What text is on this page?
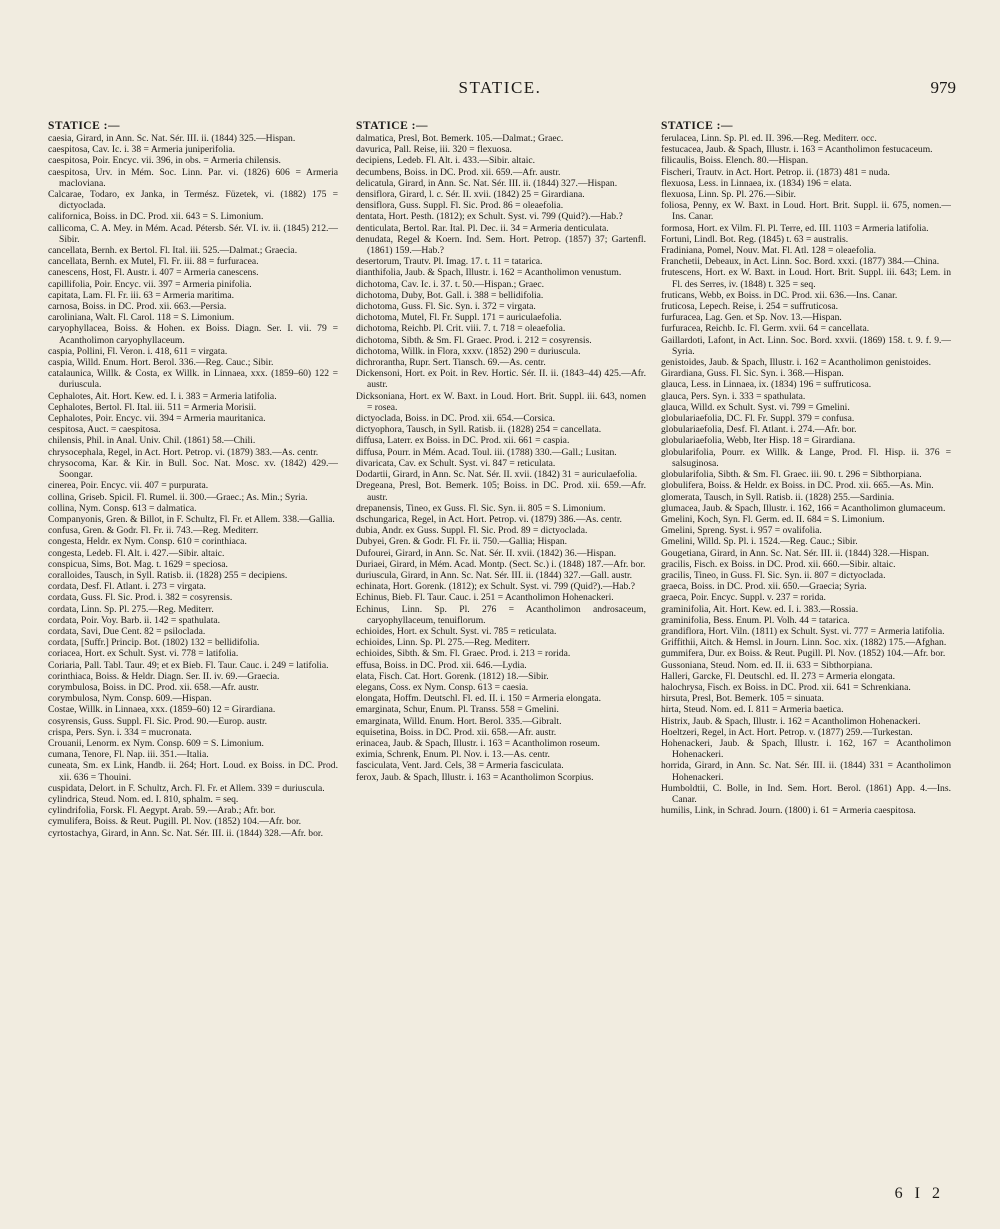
STATICE.	979
STATICE :—

caesia, Girard, in Ann. Sc. Nat. Sér. III. ii. (1844) 325.—Hispan.

caespitosa, Cav. Ic. i. 38 = Armeria juniperifolia.

caespitosa, Poir. Encyc. vii. 396, in obs. = Armeria chilensis.

caespitosa, Urv. in Mém. Soc. Linn. Par. vi. (1826) 606 = Armeria macloviana.

Calcarae, Todaro, ex Janka, in Termész. Füzetek, vi. (1882) 175 = dictyoclada.

californica, Boiss. in DC. Prod. xii. 643 = S. Limonium.

callicoma, C. A. Mey. in Mém. Acad. Pétersb. Sér. VI. iv. ii. (1845) 212.—Sibir.

cancellata, Bernh. ex Bertol. Fl. Ital. iii. 525.—Dalmat.; Graecia.

cancellata, Bernh. ex Mutel, Fl. Fr. iii. 88 = furfuracea.

canescens, Host, Fl. Austr. i. 407 = Armeria canescens.

capillifolia, Poir. Encyc. vii. 397 = Armeria pinifolia.

capitata, Lam. Fl. Fr. iii. 63 = Armeria maritima.

carnosa, Boiss. in DC. Prod. xii. 663.—Persia.

caroliniana, Walt. Fl. Carol. 118 = S. Limonium.

caryophyllacea, Boiss. & Hohen. ex Boiss. Diagn. Ser. I. vii. 79 = Acantholimon caryophyllaceum.

caspia, Pollini, Fl. Veron. i. 418, 611 = virgata.

caspia, Willd. Enum. Hort. Berol. 336.—Reg. Cauc.; Sibir.

catalaunica, Willk. & Costa, ex Willk. in Linnaea, xxx. (1859–60) 122 = duriuscula.

Cephalotes, Ait. Hort. Kew. ed. I. i. 383 = Armeria latifolia.

Cephalotes, Bertol. Fl. Ital. iii. 511 = Armeria Morisii.

Cephalotes, Poir. Encyc. vii. 394 = Armeria mauritanica.

cespitosa, Auct. = caespitosa.

chilensis, Phil. in Anal. Univ. Chil. (1861) 58.—Chili.

chrysocephala, Regel, in Act. Hort. Petrop. vi. (1879) 383.—As. centr.

chrysocoma, Kar. & Kir. in Bull. Soc. Nat. Mosc. xv. (1842) 429.—Soongar.

cinerea, Poir. Encyc. vii. 407 = purpurata.

collina, Griseb. Spicil. Fl. Rumel. ii. 300.—Graec.; As. Min.; Syria.

collina, Nym. Consp. 613 = dalmatica.

Companyonis, Gren. & Billot, in F. Schultz, Fl. Fr. et Allem. 338.—Gallia.

confusa, Gren. & Godr. Fl. Fr. ii. 743.—Reg. Mediterr.

congesta, Heldr. ex Nym. Consp. 610 = corinthiaca.

congesta, Ledeb. Fl. Alt. i. 427.—Sibir. altaic.

conspicua, Sims, Bot. Mag. t. 1629 = speciosa.

coralloides, Tausch, in Syll. Ratisb. ii. (1828) 255 = decipiens.

cordata, Desf. Fl. Atlant. i. 273 = virgata.

cordata, Guss. Fl. Sic. Prod. i. 382 = cosyrensis.

cordata, Linn. Sp. Pl. 275.—Reg. Mediterr.

cordata, Poir. Voy. Barb. ii. 142 = spathulata.

cordata, Savi, Due Cent. 82 = psiloclada.

cordata, [Suffr.] Princip. Bot. (1802) 132 = bellidifolia.

coriacea, Hort. ex Schult. Syst. vi. 778 = latifolia.

Coriaria, Pall. Tabl. Taur. 49; et ex Bieb. Fl. Taur. Cauc. i. 249 = latifolia.

corinthiaca, Boiss. & Heldr. Diagn. Ser. II. iv. 69.—Graecia.

corymbulosa, Boiss. in DC. Prod. xii. 658.—Afr. austr.

corymbulosa, Nym. Consp. 609.—Hispan.

Costae, Willk. in Linnaea, xxx. (1859–60) 12 = Girardiana.

cosyrensis, Guss. Suppl. Fl. Sic. Prod. 90.—Europ. austr.

crispa, Pers. Syn. i. 334 = mucronata.

Crouanii, Lenorm. ex Nym. Consp. 609 = S. Limonium.

cumana, Tenore, Fl. Nap. iii. 351.—Italia.

cuneata, Sm. ex Link, Handb. ii. 264; Hort. Loud. ex Boiss. in DC. Prod. xii. 636 = Thouini.

cuspidata, Delort. in F. Schultz, Arch. Fl. Fr. et Allem. 339 = duriuscula.

cylindrica, Steud. Nom. ed. I. 810, sphalm. = seq.

cylindrifolia, Forsk. Fl. Aegypt. Arab. 59.—Arab.; Afr. bor.

cymulifera, Boiss. & Reut. Pugill. Pl. Nov. (1852) 104.—Afr. bor.

cyrtostachya, Girard, in Ann. Sc. Nat. Sér. III. ii. (1844) 328.—Afr. bor.

STATICE :—

dalmatica, Presl, Bot. Bemerk. 105.—Dalmat.; Graec.

davurica, Pall. Reise, iii. 320 = flexuosa.

decipiens, Ledeb. Fl. Alt. i. 433.—Sibir. altaic.

decumbens, Boiss. in DC. Prod. xii. 659.—Afr. austr.

delicatula, Girard, in Ann. Sc. Nat. Sér. III. ii. (1844) 327.—Hispan.

densiflora, Girard, l. c. Sér. II. xvii. (1842) 25 = Girardiana.

densiflora, Guss. Suppl. Fl. Sic. Prod. 86 = oleaefolia.

dentata, Hort. Pesth. (1812); ex Schult. Syst. vi. 799 (Quid?).—Hab.?

denticulata, Bertol. Rar. Ital. Pl. Dec. ii. 34 = Armeria denticulata.

denudata, Regel & Koern. Ind. Sem. Hort. Petrop. (1857) 37; Gartenfl. (1861) 159.—Hab.?

desertorum, Trautv. Pl. Imag. 17. t. 11 = tatarica.

dianthifolia, Jaub. & Spach, Illustr. i. 162 = Acantholimon venustum.

dichotoma, Cav. Ic. i. 37. t. 50.—Hispan.; Graec.

dichotoma, Duby, Bot. Gall. i. 388 = bellidifolia.

dichotoma, Guss. Fl. Sic. Syn. i. 372 = virgata.

dichotoma, Mutel, Fl. Fr. Suppl. 171 = auriculaefolia.

dichotoma, Reichb. Pl. Crit. viii. 7. t. 718 = oleaefolia.

dichotoma, Sibth. & Sm. Fl. Graec. Prod. i. 212 = cosyrensis.

dichotoma, Willk. in Flora, xxxv. (1852) 290 = duriuscula.

dichrorantha, Rupr. Sert. Tiansch. 69.—As. centr.

Dickensoni, Hort. ex Poit. in Rev. Hortic. Sér. II. ii. (1843–44) 425.—Afr. austr.

Dicksoniana, Hort. ex W. Baxt. in Loud. Hort. Brit. Suppl. iii. 643, nomen = rosea.

dictyoclada, Boiss. in DC. Prod. xii. 654.—Corsica.

dictyophora, Tausch, in Syll. Ratisb. ii. (1828) 254 = cancellata.

diffusa, Laterr. ex Boiss. in DC. Prod. xii. 661 = caspia.

diffusa, Pourr. in Mém. Acad. Toul. iii. (1788) 330.—Gall.; Lusitan.

divaricata, Cav. ex Schult. Syst. vi. 847 = reticulata.

Dodartii, Girard, in Ann. Sc. Nat. Sér. II. xvii. (1842) 31 = auriculaefolia.

Dregeana, Presl, Bot. Bemerk. 105; Boiss. in DC. Prod. xii. 659.—Afr. austr.

drepanensis, Tineo, ex Guss. Fl. Sic. Syn. ii. 805 = S. Limonium.

dschungarica, Regel, in Act. Hort. Petrop. vi. (1879) 386.—As. centr.

dubia, Andr. ex Guss. Suppl. Fl. Sic. Prod. 89 = dictyoclada.

Dubyei, Gren. & Godr. Fl. Fr. ii. 750.—Gallia; Hispan.

Dufourei, Girard, in Ann. Sc. Nat. Sér. II. xvii. (1842) 36.—Hispan.

Duriaei, Girard, in Mém. Acad. Montp. (Sect. Sc.) i. (1848) 187.—Afr. bor.

duriuscula, Girard, in Ann. Sc. Nat. Sér. III. ii. (1844) 327.—Gall. austr.

echinata, Hort. Gorenk. (1812); ex Schult. Syst. vi. 799 (Quid?).—Hab.?

Echinus, Bieb. Fl. Taur. Cauc. i. 251 = Acantholimon Hohenackeri.

Echinus, Linn. Sp. Pl. 276 = Acantholimon androsaceum, caryophyllaceum, tenuiflorum.

echioides, Hort. ex Schult. Syst. vi. 785 = reticulata.

echioides, Linn. Sp. Pl. 275.—Reg. Mediterr.

echioides, Sibth. & Sm. Fl. Graec. Prod. i. 213 = rorida.

effusa, Boiss. in DC. Prod. xii. 646.—Lydia.

elata, Fisch. Cat. Hort. Gorenk. (1812) 18.—Sibir.

elegans, Coss. ex Nym. Consp. 613 = caesia.

elongata, Hoffm. Deutschl. Fl. ed. II. i. 150 = Armeria elongata.

emarginata, Schur, Enum. Pl. Transs. 558 = Gmelini.

emarginata, Willd. Enum. Hort. Berol. 335.—Gibralt.

equisetina, Boiss. in DC. Prod. xii. 658.—Afr. austr.

erinacea, Jaub. & Spach, Illustr. i. 163 = Acantholimon roseum.

eximia, Schrenk, Enum. Pl. Nov. i. 13.—As. centr.

fasciculata, Vent. Jard. Cels, 38 = Armeria fasciculata.

ferox, Jaub. & Spach, Illustr. i. 163 = Acantholimon Scorpius.

STATICE :—

ferulacea, Linn. Sp. Pl. ed. II. 396.—Reg. Mediterr. occ.

festucacea, Jaub. & Spach, Illustr. i. 163 = Acantholimon festucaceum.

filicaulis, Boiss. Elench. 80.—Hispan.

Fischeri, Trautv. in Act. Hort. Petrop. ii. (1873) 481 = nuda.

flexuosa, Less. in Linnaea, ix. (1834) 196 = elata.

flexuosa, Linn. Sp. Pl. 276.—Sibir.

foliosa, Penny, ex W. Baxt. in Loud. Hort. Brit. Suppl. ii. 675, nomen.—Ins. Canar.

formosa, Hort. ex Vilm. Fl. Pl. Terre, ed. III. 1103 = Armeria latifolia.

Fortuni, Lindl. Bot. Reg. (1845) t. 63 = australis.

Fradiniana, Pomel, Nouv. Mat. Fl. Atl. 128 = oleaefolia.

Franchetii, Debeaux, in Act. Linn. Soc. Bord. xxxi. (1877) 384.—China.

frutescens, Hort. ex W. Baxt. in Loud. Hort. Brit. Suppl. iii. 643; Lem. in Fl. des Serres, iv. (1848) t. 325 = seq.

fruticans, Webb, ex Boiss. in DC. Prod. xii. 636.—Ins. Canar.

fruticosa, Lepech. Reise, i. 254 = suffruticosa.

furfuracea, Lag. Gen. et Sp. Nov. 13.—Hispan.

furfuracea, Reichb. Ic. Fl. Germ. xvii. 64 = cancellata.

Gaillardoti, Lafont, in Act. Linn. Soc. Bord. xxvii. (1869) 158. t. 9. f. 9.—Syria.

genistoides, Jaub. & Spach, Illustr. i. 162 = Acantholimon genistoides.

Girardiana, Guss. Fl. Sic. Syn. i. 368.—Hispan.

glauca, Less. in Linnaea, ix. (1834) 196 = suffruticosa.

glauca, Pers. Syn. i. 333 = spathulata.

glauca, Willd. ex Schult. Syst. vi. 799 = Gmelini.

globulariaefolia, DC. Fl. Fr. Suppl. 379 = confusa.

globulariaefolia, Desf. Fl. Atlant. i. 274.—Afr. bor.

globulariaefolia, Webb, Iter Hisp. 18 = Girardiana.

globularifolia, Pourr. ex Willk. & Lange, Prod. Fl. Hisp. ii. 376 = salsuginosa.

globularifolia, Sibth. & Sm. Fl. Graec. iii. 90. t. 296 = Sibthorpiana.

globulifera, Boiss. & Heldr. ex Boiss. in DC. Prod. xii. 665.—As. Min.

glomerata, Tausch, in Syll. Ratisb. ii. (1828) 255.—Sardinia.

glumacea, Jaub. & Spach, Illustr. i. 162, 166 = Acantholimon glumaceum.

Gmelini, Koch, Syn. Fl. Germ. ed. II. 684 = S. Limonium.

Gmelini, Spreng. Syst. i. 957 = ovalifolia.

Gmelini, Willd. Sp. Pl. i. 1524.—Reg. Cauc.; Sibir.

Gougetiana, Girard, in Ann. Sc. Nat. Sér. III. ii. (1844) 328.—Hispan.

gracilis, Fisch. ex Boiss. in DC. Prod. xii. 660.—Sibir. altaic.

gracilis, Tineo, in Guss. Fl. Sic. Syn. ii. 807 = dictyoclada.

graeca, Boiss. in DC. Prod. xii. 650.—Graecia; Syria.

graeca, Poir. Encyc. Suppl. v. 237 = rorida.

graminifolia, Ait. Hort. Kew. ed. I. i. 383.—Rossia.

graminifolia, Bess. Enum. Pl. Volh. 44 = tatarica.

grandiflora, Hort. Viln. (1811) ex Schult. Syst. vi. 777 = Armeria latifolia.

Griffithii, Aitch. & Hemsl. in Journ. Linn. Soc. xix. (1882) 175.—Afghan.

gummifera, Dur. ex Boiss. & Reut. Pugill. Pl. Nov. (1852) 104.—Afr. bor.

Gussoniana, Steud. Nom. ed. II. ii. 633 = Sibthorpiana.

Halleri, Garcke, Fl. Deutschl. ed. II. 273 = Armeria elongata.

halochrysa, Fisch. ex Boiss. in DC. Prod. xii. 641 = Schrenkiana.

hirsuta, Presl, Bot. Bemerk. 105 = sinuata.

hirta, Steud. Nom. ed. I. 811 = Armeria baetica.

Histrix, Jaub. & Spach, Illustr. i. 162 = Acantholimon Hohenackeri.

Hoeltzeri, Regel, in Act. Hort. Petrop. v. (1877) 259.—Turkestan.

Hohenackeri, Jaub. & Spach, Illustr. i. 162, 167 = Acantholimon Hohenackeri.

horrida, Girard, in Ann. Sc. Nat. Sér. III. ii. (1844) 331 = Acantholimon Hohenackeri.

Humboldtii, C. Bolle, in Ind. Sem. Hort. Berol. (1861) App. 4.—Ins. Canar.

humilis, Link, in Schrad. Journ. (1800) i. 61 = Armeria caespitosa.

6 I 2
